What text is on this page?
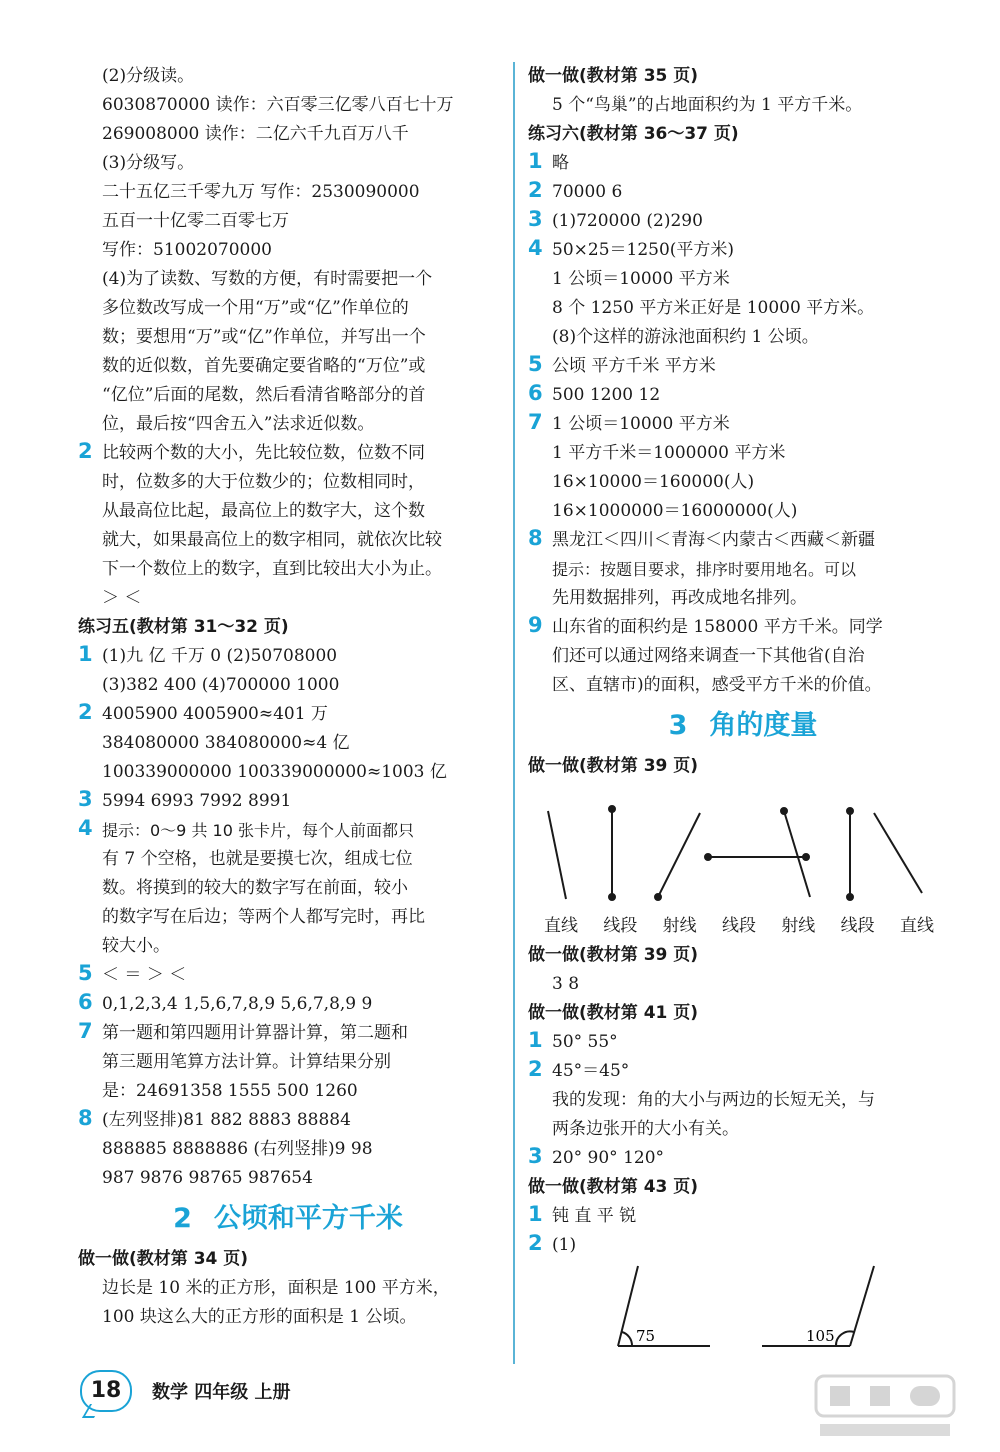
(2)分级读。
6030870000 读作：六百零三亿零八百七十万
269008000 读作：二亿六千九百万八千
(3)分级写。
二十五亿三千零九万 写作：2530090000
五百一十亿零二百零七万
写作：51002070000
(4)为了读数、写数的方便，有时需要把一个
多位数改写成一个用“万”或“亿”作单位的
数；要想用“万”或“亿”作单位，并写出一个
数的近似数，首先要确定要省略的“万位”或
“亿位”后面的尾数，然后看清省略部分的首
位，最后按“四舍五入”法求近似数。
2 比较两个数的大小，先比较位数，位数不同
时，位数多的大于位数少的；位数相同时，
从最高位比起，最高位上的数字大，这个数
就大，如果最高位上的数字相同，就依次比较
下一个数位上的数字，直到比较出大小为止。
＞ ＜
练习五(教材第 31～32 页)
1 (1)九 亿 千万 0 (2)50708000
(3)382 400 (4)700000 1000
2 4005900 4005900≈401 万
384080000 384080000≈4 亿
100339000000 100339000000≈1003 亿
3 5994 6993 7992 8991
4 提示：0～9 共 10 张卡片，每个人前面都只
有 7 个空格，也就是要摸七次，组成七位
数。将摸到的较大的数字写在前面，较小
的数字写在后边；等两个人都写完时，再比
较大小。
5 ＜ ＝ ＞ ＜
6 0,1,2,3,4 1,5,6,7,8,9 5,6,7,8,9 9
7 第一题和第四题用计算器计算，第二题和
第三题用笔算方法计算。计算结果分别
是：24691358 1555 500 1260
8 (左列竖排)81 882 8883 88884
888885 8888886 (右列竖排)9 98
987 9876 98765 987654
2 公顷和平方千米
做一做(教材第 34 页)
边长是 10 米的正方形，面积是 100 平方米，
100 块这么大的正方形的面积是 1 公顷。
做一做(教材第 35 页)
5 个“鸟巢”的占地面积约为 1 平方千米。
练习六(教材第 36～37 页)
1 略
2 70000 6
3 (1)720000 (2)290
4 50×25＝1250(平方米)
1 公顷＝10000 平方米
8 个 1250 平方米正好是 10000 平方米。
(8)个这样的游泳池面积约 1 公顷。
5 公顷 平方千米 平方米
6 500 1200 12
7 1 公顷＝10000 平方米
1 平方千米＝1000000 平方米
16×10000＝160000(人)
16×1000000＝16000000(人)
8 黑龙江＜四川＜青海＜内蒙古＜西藏＜新疆
提示：按题目要求，排序时要用地名。可以
先用数据排列，再改成地名排列。
9 山东省的面积约是 158000 平方千米。同学
们还可以通过网络来调查一下其他省(自治
区、直辖市)的面积，感受平方千米的价值。
3 角的度量
做一做(教材第 39 页)
直线 线段 射线 线段 射线 线段 直线
做一做(教材第 39 页)
3 8
做一做(教材第 41 页)
1 50° 55°
2 45°＝45°
我的发现：角的大小与两边的长短无关，与
两条边张开的大小有关。
3 20° 90° 120°
做一做(教材第 43 页)
1 钝 直 平 锐
2 (1)
75	105
18	数学 四年级 上册
